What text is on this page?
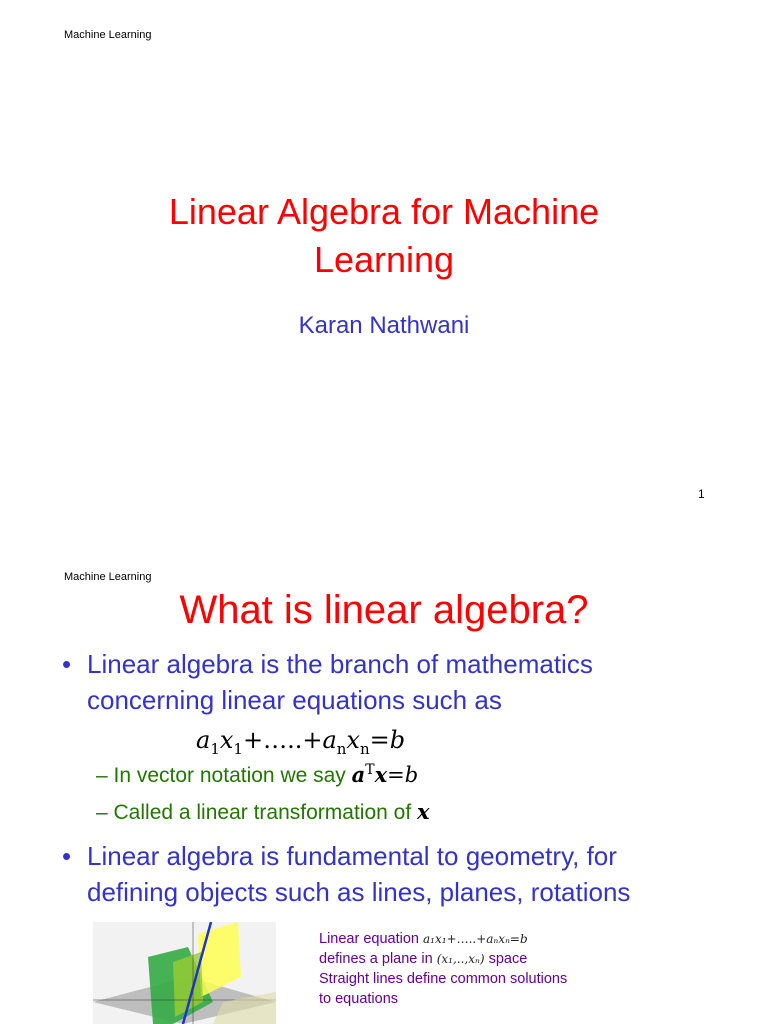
Machine Learning
Linear Algebra for Machine
Learning
Karan Nathwani
1
Machine Learning
What is linear algebra?
• Linear algebra is the branch of mathematics
concerning linear equations such as
$a_1x_1+\dots..+a_nx_n=b$
– In vector notation we say $a^Tx=b$
– Called a linear transformation of x
• Linear algebra is fundamental to geometry, for
defining objects such as lines, planes, rotations
Linear equation a₁x₁+…..+aₙxₙ=b
defines a plane in (x₁,..,xₙ) space
Straight lines define common solutions
to equations
